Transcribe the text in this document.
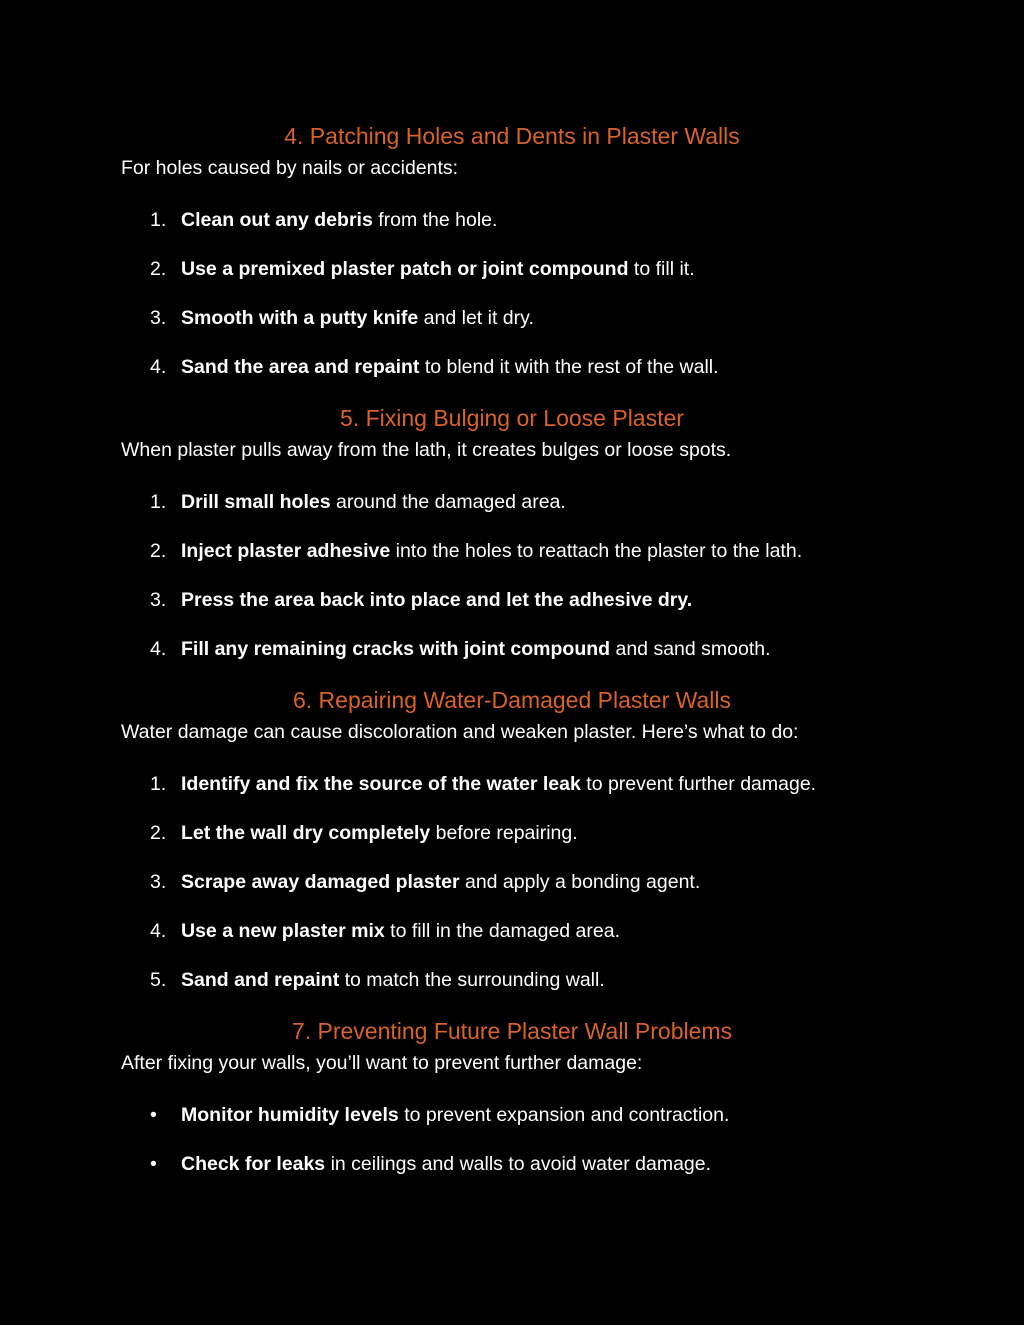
4. Patching Holes and Dents in Plaster Walls

For holes caused by nails or accidents:

1. Clean out any debris from the hole.
2. Use a premixed plaster patch or joint compound to fill it.
3. Smooth with a putty knife and let it dry.
4. Sand the area and repaint to blend it with the rest of the wall.
5. Fixing Bulging or Loose Plaster

When plaster pulls away from the lath, it creates bulges or loose spots.

1. Drill small holes around the damaged area.
2. Inject plaster adhesive into the holes to reattach the plaster to the lath.
3. Press the area back into place and let the adhesive dry.
4. Fill any remaining cracks with joint compound and sand smooth.
6. Repairing Water-Damaged Plaster Walls

Water damage can cause discoloration and weaken plaster. Here’s what to do:

1. Identify and fix the source of the water leak to prevent further damage.
2. Let the wall dry completely before repairing.
3. Scrape away damaged plaster and apply a bonding agent.
4. Use a new plaster mix to fill in the damaged area.
5. Sand and repaint to match the surrounding wall.
7. Preventing Future Plaster Wall Problems

After fixing your walls, you’ll want to prevent further damage:

•	Monitor humidity levels to prevent expansion and contraction.
•	Check for leaks in ceilings and walls to avoid water damage.
